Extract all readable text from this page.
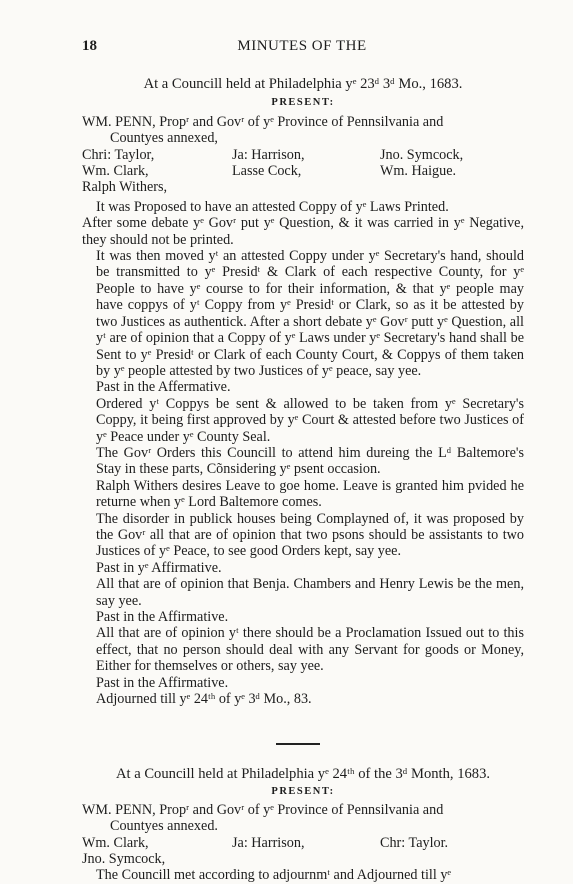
18	MINUTES OF THE
At a Councill held at Philadelphia yᵉ 23ᵈ 3ᵈ Mo., 1683.
PRESENT:
WM. PENN, Propʳ and Govʳ of yᵉ Province of Pennsilvania and
Countyes annexed,
Chri: Taylor,	Ja: Harrison,	Jno. Symcock,
Wm. Clark,	Lasse Cock,	Wm. Haigue.
Ralph Withers,

It was Proposed to have an attested Coppy of yᵉ Laws Printed.

After some debate yᵉ Govʳ put yᵉ Question, & it was carried in yᵉ Negative, they should not be printed.

It was then moved yᵗ an attested Coppy under yᵉ Secretary's hand, should be transmitted to yᵉ Presidᵗ & Clark of each respective County, for yᵉ People to have yᵉ course to for their information, & that yᵉ people may have coppys of yᵗ Coppy from yᵉ Presidᵗ or Clark, so as it be attested by two Justices as authentick. After a short debate yᵉ Govʳ putt yᵉ Question, all yᵗ are of opinion that a Coppy of yᵉ Laws under yᵉ Secretary's hand shall be Sent to yᵉ Presidᵗ or Clark of each County Court, & Coppys of them taken by yᵉ people attested by two Justices of yᵉ peace, say yee.

Past in the Affermative.

Ordered yᵗ Coppys be sent & allowed to be taken from yᵉ Secretary's Coppy, it being first approved by yᵉ Court & attested before two Justices of yᵉ Peace under yᵉ County Seal.

The Govʳ Orders this Councill to attend him dureing the Lᵈ Baltemore's Stay in these parts, Cõnsidering yᵉ psent occasion.

Ralph Withers desires Leave to goe home. Leave is granted him pvided he returne when yᵉ Lord Baltemore comes.

The disorder in publick houses being Complayned of, it was proposed by the Govʳ all that are of opinion that two psons should be assistants to two Justices of yᵉ Peace, to see good Orders kept, say yee.

Past in yᵉ Affirmative.

All that are of opinion that Benja. Chambers and Henry Lewis be the men, say yee.

Past in the Affirmative.

All that are of opinion yᵗ there should be a Proclamation Issued out to this effect, that no person should deal with any Servant for goods or Money, Either for themselves or others, say yee.

Past in the Affirmative.

Adjourned till yᵉ 24ᵗʰ of yᵉ 3ᵈ Mo., 83.

At a Councill held at Philadelphia yᵉ 24ᵗʰ of the 3ᵈ Month, 1683.
PRESENT:
WM. PENN, Propʳ and Govʳ of yᵉ Province of Pennsilvania and
Countyes annexed.
Wm. Clark,	Ja: Harrison,	Chr: Taylor.
Jno. Symcock,
The Councill met according to adjournmᵗ and Adjourned till yᵉ
